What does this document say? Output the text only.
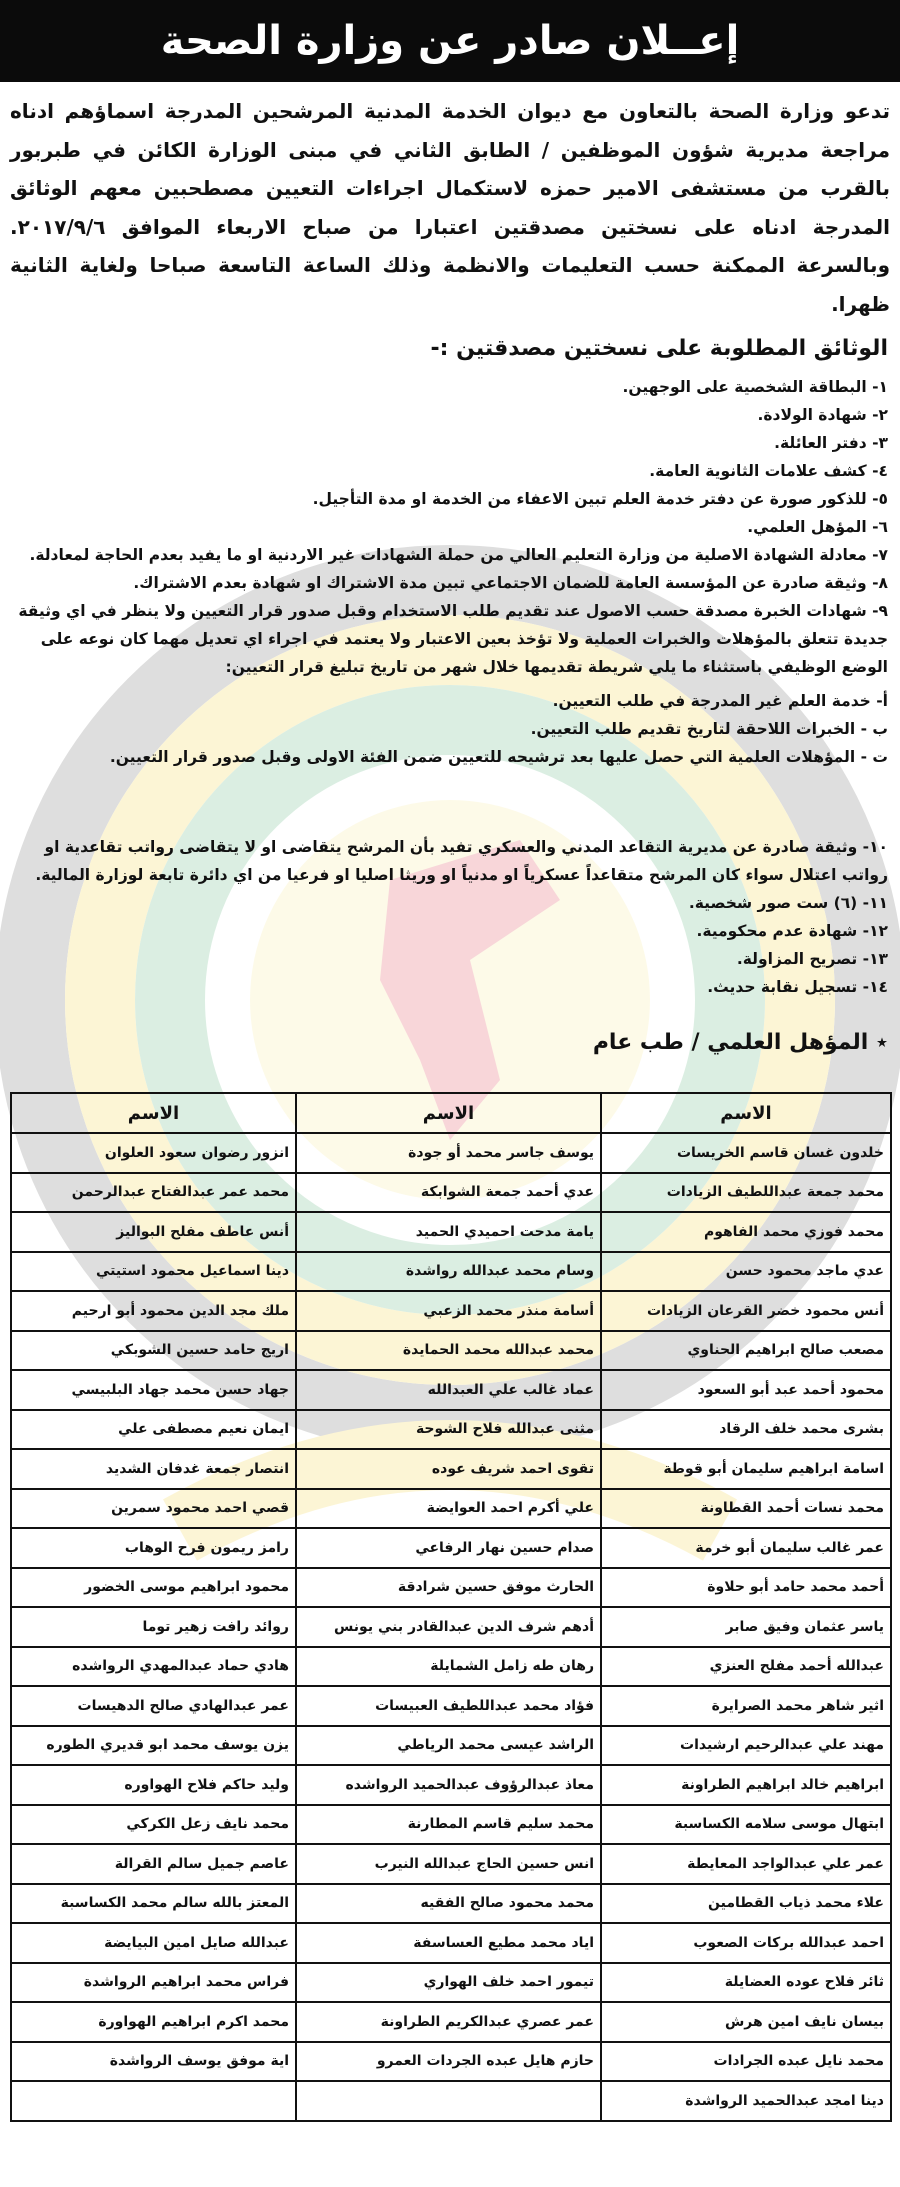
إعــلان صادر عن وزارة الصحة

تدعو وزارة الصحة بالتعاون مع ديوان الخدمة المدنية المرشحين المدرجة اسماؤهم ادناه مراجعة مديرية شؤون الموظفين / الطابق الثاني في مبنى الوزارة الكائن في طبربور بالقرب من مستشفى الامير حمزه لاستكمال اجراءات التعيين مصطحبين معهم الوثائق المدرجة ادناه على نسختين مصدقتين اعتبارا من صباح الاربعاء الموافق ٢٠١٧/٩/٦. وبالسرعة الممكنة حسب التعليمات والانظمة وذلك الساعة التاسعة صباحا ولغاية الثانية ظهرا.

الوثائق المطلوبة على نسختين مصدقتين :-
١- البطاقة الشخصية على الوجهين.
٢- شهادة الولادة.
٣- دفتر العائلة.
٤- كشف علامات الثانوية العامة.
٥- للذكور صورة عن دفتر خدمة العلم تبين الاعفاء من الخدمة او مدة التأجيل.
٦- المؤهل العلمي.
٧- معادلة الشهادة الاصلية من وزارة التعليم العالي من حملة الشهادات غير الاردنية او ما يفيد بعدم الحاجة لمعادلة.
٨- وثيقة صادرة عن المؤسسة العامة للضمان الاجتماعي تبين مدة الاشتراك او شهادة بعدم الاشتراك.
٩- شهادات الخبرة مصدقة حسب الاصول عند تقديم طلب الاستخدام وقبل صدور قرار التعيين ولا ينظر في اي وثيقة جديدة تتعلق بالمؤهلات والخبرات العملية ولا تؤخذ بعين الاعتبار ولا يعتمد في اجراء اي تعديل مهما كان نوعه على الوضع الوظيفي باستثناء ما يلي شريطة تقديمها خلال شهر من تاريخ تبليغ قرار التعيين:
أ- خدمة العلم غير المدرجة في طلب التعيين.
ب - الخبرات اللاحقة لتاريخ تقديم طلب التعيين.
ت - المؤهلات العلمية التي حصل عليها بعد ترشيحه للتعيين ضمن الفئة الاولى وقبل صدور قرار التعيين.
١٠- وثيقة صادرة عن مديرية التقاعد المدني والعسكري تفيد بأن المرشح يتقاضى او لا يتقاضى رواتب تقاعدية او رواتب اعتلال سواء كان المرشح متقاعداً عسكرياً او مدنياً او وريثا اصليا او فرعيا من اي دائرة تابعة لوزارة المالية.
١١- (٦) ست صور شخصية.
١٢- شهادة عدم محكومية.
١٣- تصريح المزاولة.
١٤- تسجيل نقابة حديث.
٭ المؤهل العلمي / طب عام
الاسم	الاسم	الاسم
خلدون غسان قاسم الخريسات	يوسف جاسر محمد أو جودة	انزور رضوان سعود العلوان
محمد جمعة عبداللطيف الزيادات	عدي أحمد جمعة الشوابكة	محمد عمر عبدالفتاح عبدالرحمن
محمد فوزي محمد الفاهوم	يامة مدحت احميدي الحميد	أنس عاطف مفلح البواليز
عدي ماجد محمود حسن	وسام محمد عبدالله رواشدة	دينا اسماعيل محمود استيتي
أنس محمود خضر القرعان الزيادات	أسامة منذر محمد الزعبي	ملك مجد الدين محمود أبو ارحيم
مصعب صالح ابراهيم الحناوي	محمد عبدالله محمد الحمايدة	اريج حامد حسين الشوبكي
محمود أحمد عبد أبو السعود	عماد غالب علي العبدالله	جهاد حسن محمد جهاد البلبيسي
بشرى محمد خلف الرقاد	مثنى عبدالله فلاح الشوحة	ايمان نعيم مصطفى علي
اسامة ابراهيم سليمان أبو قوطة	تقوى احمد شريف عوده	انتصار جمعة غدفان الشديد
محمد نسات أحمد القطاونة	علي أكرم احمد العوايضة	قصي احمد محمود سمرين
عمر غالب سليمان أبو خرمة	صدام حسين نهار الرفاعي	رامز ريمون فرح الوهاب
أحمد محمد حامد أبو حلاوة	الحارث موفق حسين شرادقة	محمود ابراهيم موسى الخضور
ياسر عثمان وفيق صابر	أدهم شرف الدين عبدالقادر بني يونس	روائد رافت زهير توما
عبدالله أحمد مفلح العنزي	رهان طه زامل الشمايلة	هادي حماد عبدالمهدي الرواشده
اثير شاهر محمد الصرايرة	فؤاد محمد عبداللطيف العبيسات	عمر عبدالهادي صالح الدهيسات
مهند علي عبدالرحيم ارشيدات	الراشد عيسى محمد الرياطي	يزن يوسف محمد ابو قديري الطوره
ابراهيم خالد ابراهيم الطراونة	معاذ عبدالرؤوف عبدالحميد الرواشده	وليد حاكم فلاح الهواوره
ابتهال موسى سلامه الكساسبة	محمد سليم قاسم المطارنة	محمد نايف زعل الكركي
عمر علي عبدالواجد المعايطة	انس حسين الحاج عبدالله النيرب	عاصم جميل سالم القرالة
علاء محمد ذياب القطامين	محمد محمود صالح الفقيه	المعتز بالله سالم محمد الكساسبة
احمد عبدالله بركات الصعوب	اياد محمد مطيع العساسفة	عبدالله صايل امين البيايضة
ثائر فلاح عوده العضايلة	تيمور احمد خلف الهواري	فراس محمد ابراهيم الرواشدة
بيسان نايف امين هرش	عمر عصري عبدالكريم الطراونة	محمد اكرم ابراهيم الهواورة
محمد نايل عبده الجرادات	حازم هايل عبده الجردات العمرو	اية موفق يوسف الرواشدة
دينا امجد عبدالحميد الرواشدة		
